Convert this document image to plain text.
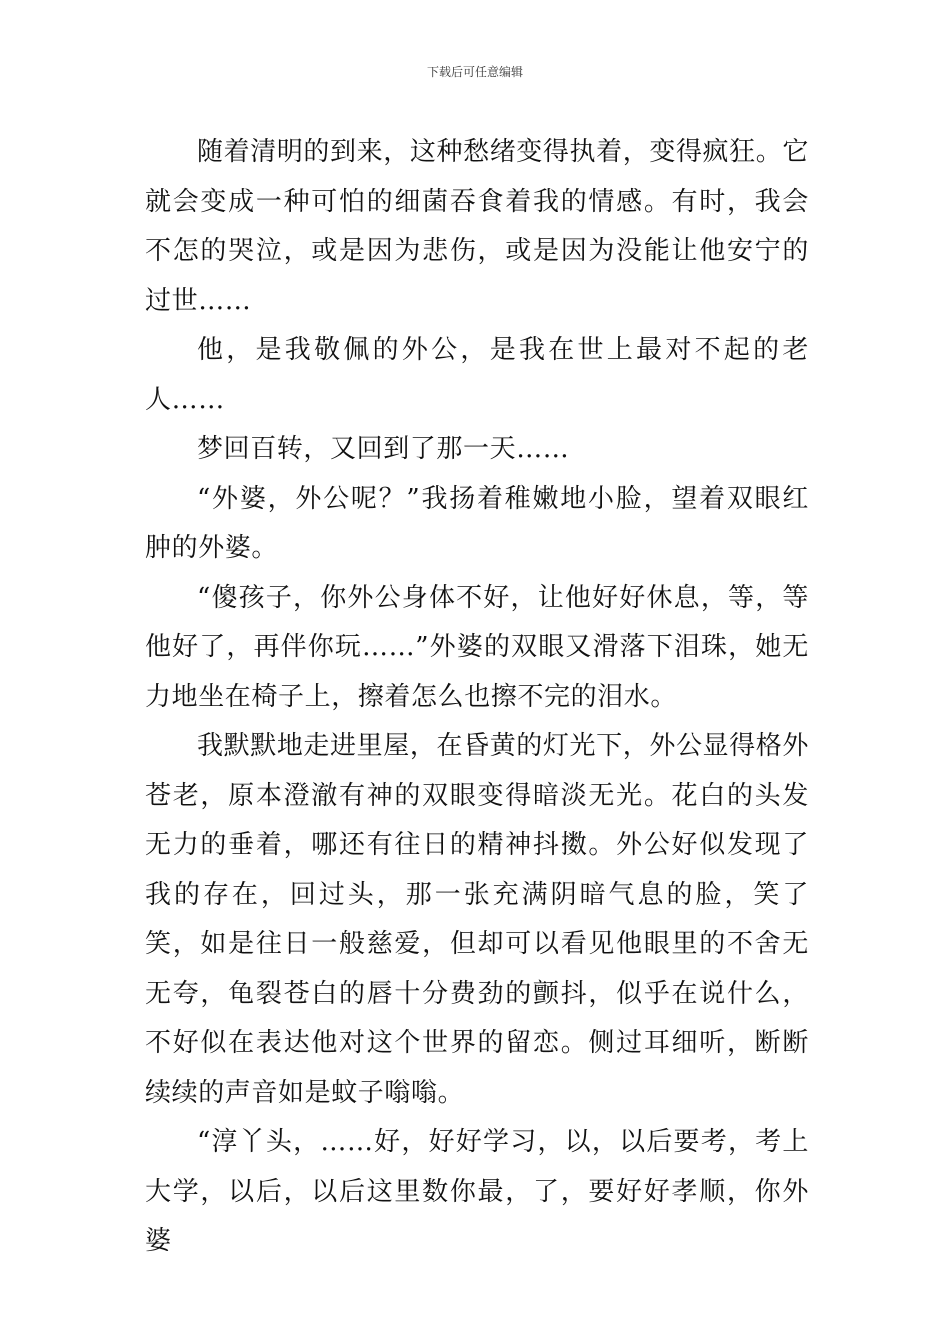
下载后可任意编辑

随着清明的到来，这种愁绪变得执着，变得疯狂。它就会变成一种可怕的细菌吞食着我的情感。有时，我会不怎的哭泣，或是因为悲伤，或是因为没能让他安宁的过世……

他，是我敬佩的外公，是我在世上最对不起的老人……

梦回百转，又回到了那一天……

“外婆，外公呢？”我扬着稚嫩地小脸，望着双眼红肿的外婆。

“傻孩子，你外公身体不好，让他好好休息，等，等他好了，再伴你玩……”外婆的双眼又滑落下泪珠，她无力地坐在椅子上，擦着怎么也擦不完的泪水。

我默默地走进里屋，在昏黄的灯光下，外公显得格外苍老，原本澄澈有神的双眼变得暗淡无光。花白的头发无力的垂着，哪还有往日的精神抖擞。外公好似发现了我的存在，回过头，那一张充满阴暗气息的脸，笑了笑，如是往日一般慈爱，但却可以看见他眼里的不舍无无夸，龟裂苍白的唇十分费劲的颤抖，似乎在说什么，不好似在表达他对这个世界的留恋。侧过耳细听，断断续续的声音如是蚊子嗡嗡。

“淳丫头，……好，好好学习，以，以后要考，考上大学，以后，以后这里数你最，了，要好好孝顺，你外婆
